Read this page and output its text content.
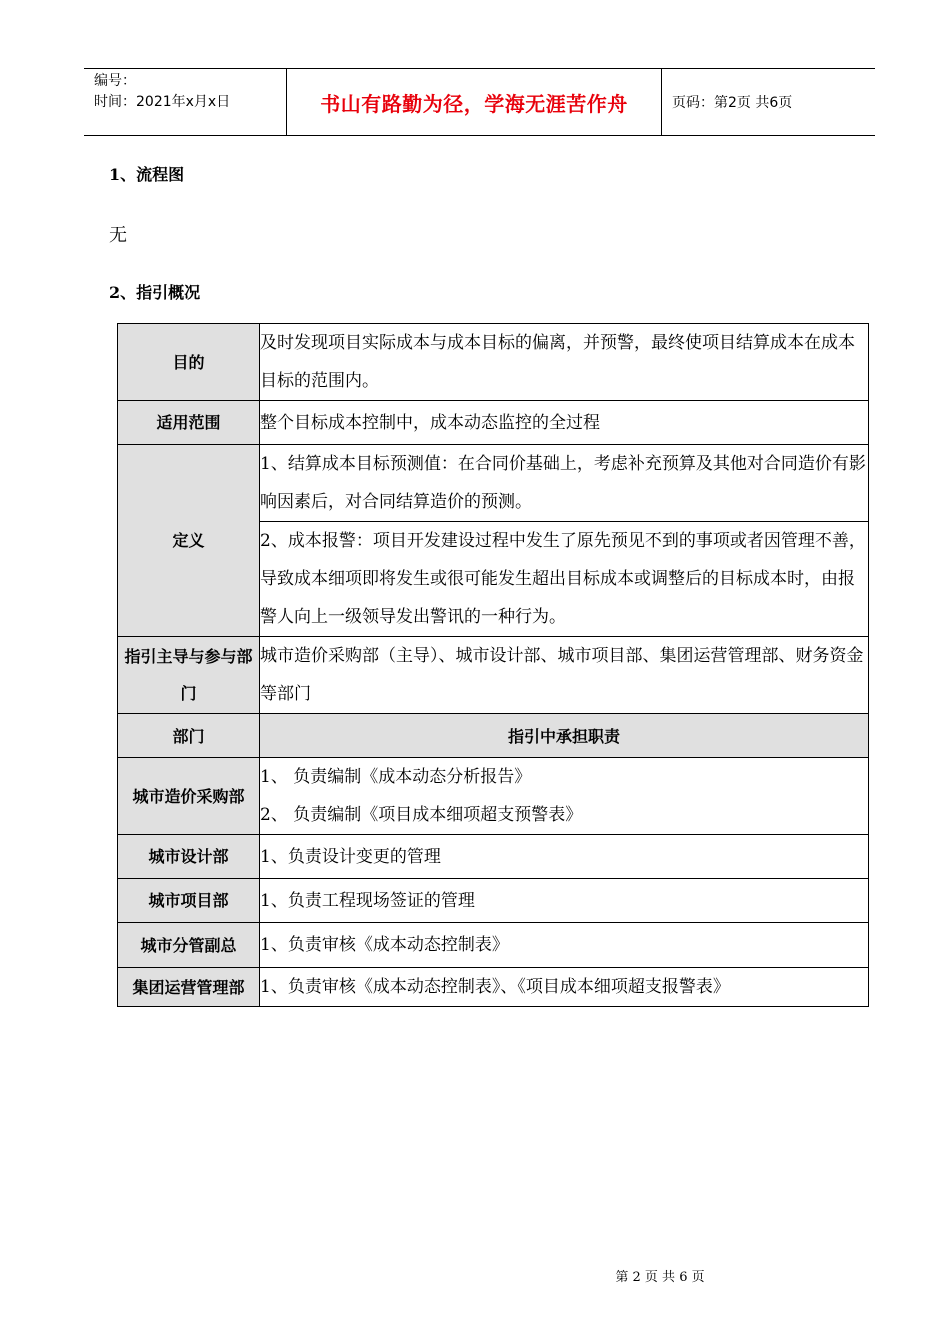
编号：
时间：2021年x月x日	书山有路勤为径，学海无涯苦作舟	页码：第2页 共6页
1、流程图
无
2、指引概况
目的	及时发现项目实际成本与成本目标的偏离，并预警，最终使项目结算成本在成本目标的范围内。
适用范围	整个目标成本控制中，成本动态监控的全过程
定义	1、结算成本目标预测值：在合同价基础上，考虑补充预算及其他对合同造价有影响因素后，对合同结算造价的预测。
	2、成本报警：项目开发建设过程中发生了原先预见不到的事项或者因管理不善，导致成本细项即将发生或很可能发生超出目标成本或调整后的目标成本时，由报警人向上一级领导发出警讯的一种行为。
指引主导与参与部门	城市造价采购部（主导）、城市设计部、城市项目部、集团运营管理部、财务资金等部门
部门	指引中承担职责
城市造价采购部	1、 负责编制《成本动态分析报告》
2、 负责编制《项目成本细项超支预警表》

城市设计部	1、负责设计变更的管理

城市项目部	1、负责工程现场签证的管理

城市分管副总	1、负责审核《成本动态控制表》

集团运营管理部	1、负责审核《成本动态控制表》、《项目成本细项超支报警表》
第 2 页 共 6 页
